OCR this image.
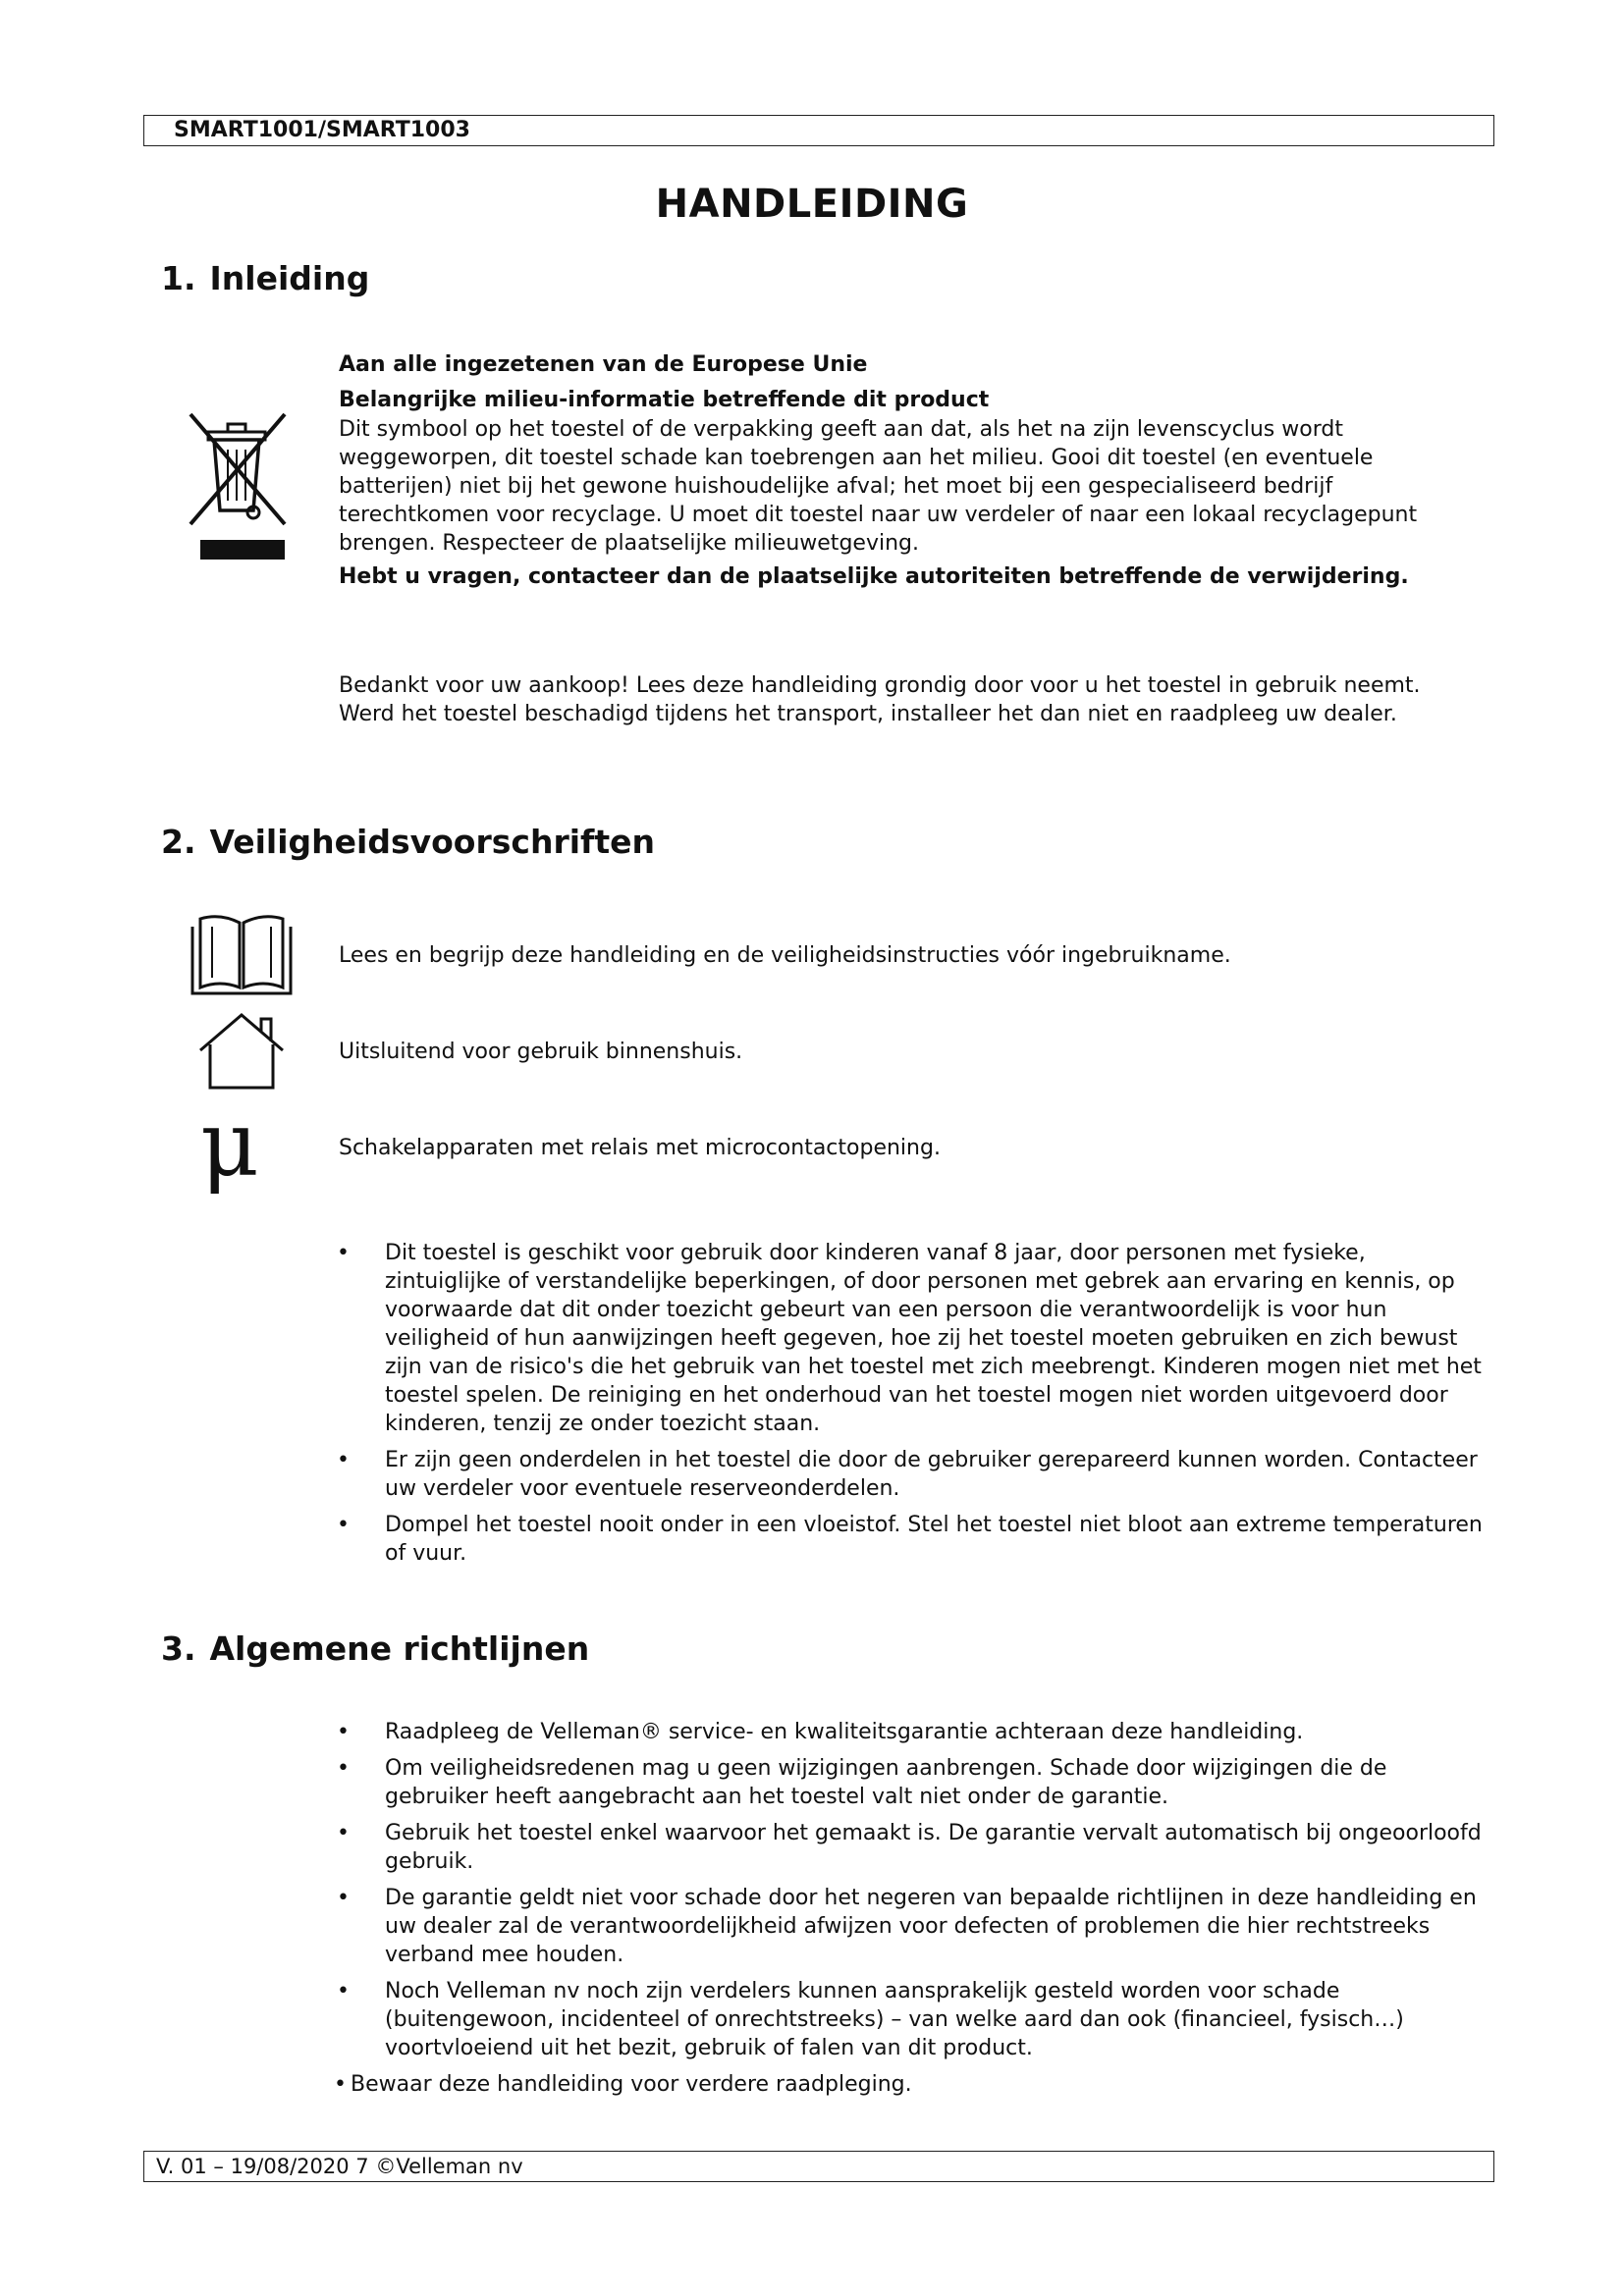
SMART1001/SMART1003
HANDLEIDING
1. Inleiding

Aan alle ingezetenen van de Europese Unie

Belangrijke milieu-informatie betreffende dit product

Dit symbool op het toestel of de verpakking geeft aan dat, als het na zijn levenscyclus wordt weggeworpen, dit toestel schade kan toebrengen aan het milieu. Gooi dit toestel (en eventuele batterijen) niet bij het gewone huishoudelijke afval; het moet bij een gespecialiseerd bedrijf terechtkomen voor recyclage. U moet dit toestel naar uw verdeler of naar een lokaal recyclagepunt brengen. Respecteer de plaatselijke milieuwetgeving.

Hebt u vragen, contacteer dan de plaatselijke autoriteiten betreffende de verwijdering.

Bedankt voor uw aankoop! Lees deze handleiding grondig door voor u het toestel in gebruik neemt. Werd het toestel beschadigd tijdens het transport, installeer het dan niet en raadpleeg uw dealer.

2. Veiligheidsvoorschriften

Lees en begrijp deze handleiding en de veiligheidsinstructies vóór ingebruikname.

Uitsluitend voor gebruik binnenshuis.

μ	Schakelapparaten met relais met microcontactopening.

• Dit toestel is geschikt voor gebruik door kinderen vanaf 8 jaar, door personen met fysieke, zintuiglijke of verstandelijke beperkingen, of door personen met gebrek aan ervaring en kennis, op voorwaarde dat dit onder toezicht gebeurt van een persoon die verantwoordelijk is voor hun veiligheid of hun aanwijzingen heeft gegeven, hoe zij het toestel moeten gebruiken en zich bewust zijn van de risico's die het gebruik van het toestel met zich meebrengt. Kinderen mogen niet met het toestel spelen. De reiniging en het onderhoud van het toestel mogen niet worden uitgevoerd door kinderen, tenzij ze onder toezicht staan.
• Er zijn geen onderdelen in het toestel die door de gebruiker gerepareerd kunnen worden. Contacteer uw verdeler voor eventuele reserveonderdelen.
• Dompel het toestel nooit onder in een vloeistof. Stel het toestel niet bloot aan extreme temperaturen of vuur.
3. Algemene richtlijnen
• Raadpleeg de Velleman® service- en kwaliteitsgarantie achteraan deze handleiding.
• Om veiligheidsredenen mag u geen wijzigingen aanbrengen. Schade door wijzigingen die de gebruiker heeft aangebracht aan het toestel valt niet onder de garantie.
• Gebruik het toestel enkel waarvoor het gemaakt is. De garantie vervalt automatisch bij ongeoorloofd gebruik.
• De garantie geldt niet voor schade door het negeren van bepaalde richtlijnen in deze handleiding en uw dealer zal de verantwoordelijkheid afwijzen voor defecten of problemen die hier rechtstreeks verband mee houden.
• Noch Velleman nv noch zijn verdelers kunnen aansprakelijk gesteld worden voor schade (buitengewoon, incidenteel of onrechtstreeks) – van welke aard dan ook (financieel, fysisch…) voortvloeiend uit het bezit, gebruik of falen van dit product.
• Bewaar deze handleiding voor verdere raadpleging.
V. 01 – 19/08/2020 7 ©Velleman nv
